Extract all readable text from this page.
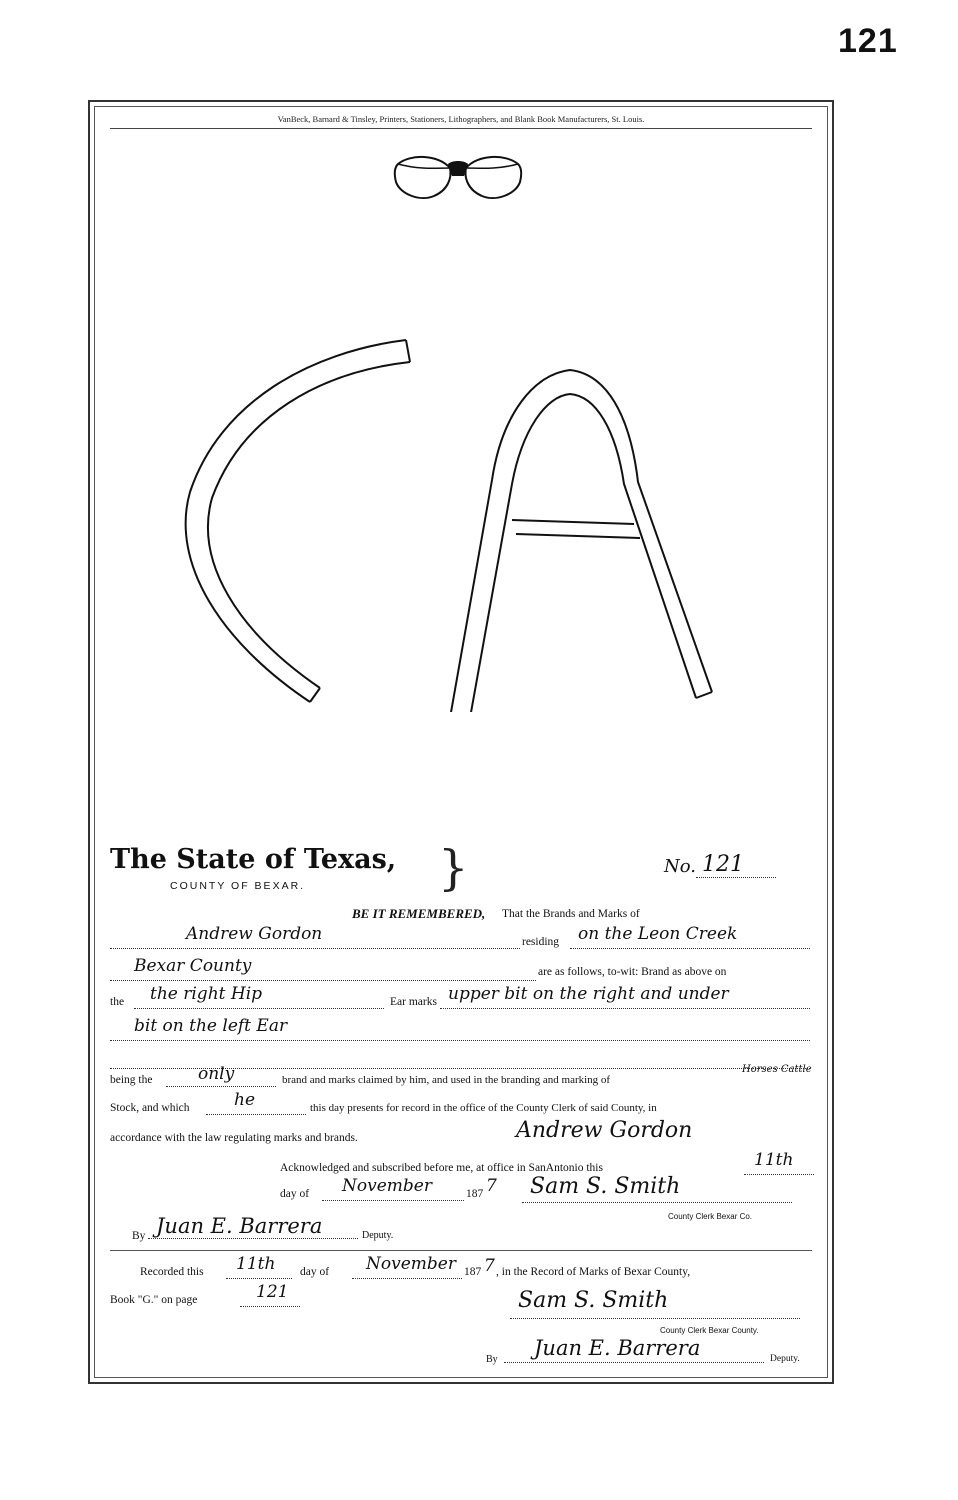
121
VanBeck, Barnard & Tinsley, Printers, Stationers, Lithographers, and Blank Book Manufacturers, St. Louis.
The State of Texas,
COUNTY OF BEXAR.	}	No. 121
BE IT REMEMBERED, That the Brands and Marks of
Andrew Gordon	residing on the Leon Creek
Bexar County	are as follows, to-wit: Brand as above on
the the right Hip	Ear marks upper bit on the right and under
bit on the left Ear
being the	only	brand and marks claimed by him, and used in the branding and marking of
Horses Cattle
Stock, and which	he	this day presents for record in the office of the County Clerk of said County, in
accordance with the law regulating marks and brands.	Andrew Gordon
Acknowledged and subscribed before me, at office in SanAntonio this	11th
day of November	187 7 Sam S. Smith
County Clerk Bexar Co.
By Juan E. Barrera	Deputy.
Recorded this 11th day of November 187 7 , in the Record of Marks of Bexar County,
Book "G." on page	121	Sam S. Smith
County Clerk Bexar County.
By Juan E. Barrera	Deputy.
